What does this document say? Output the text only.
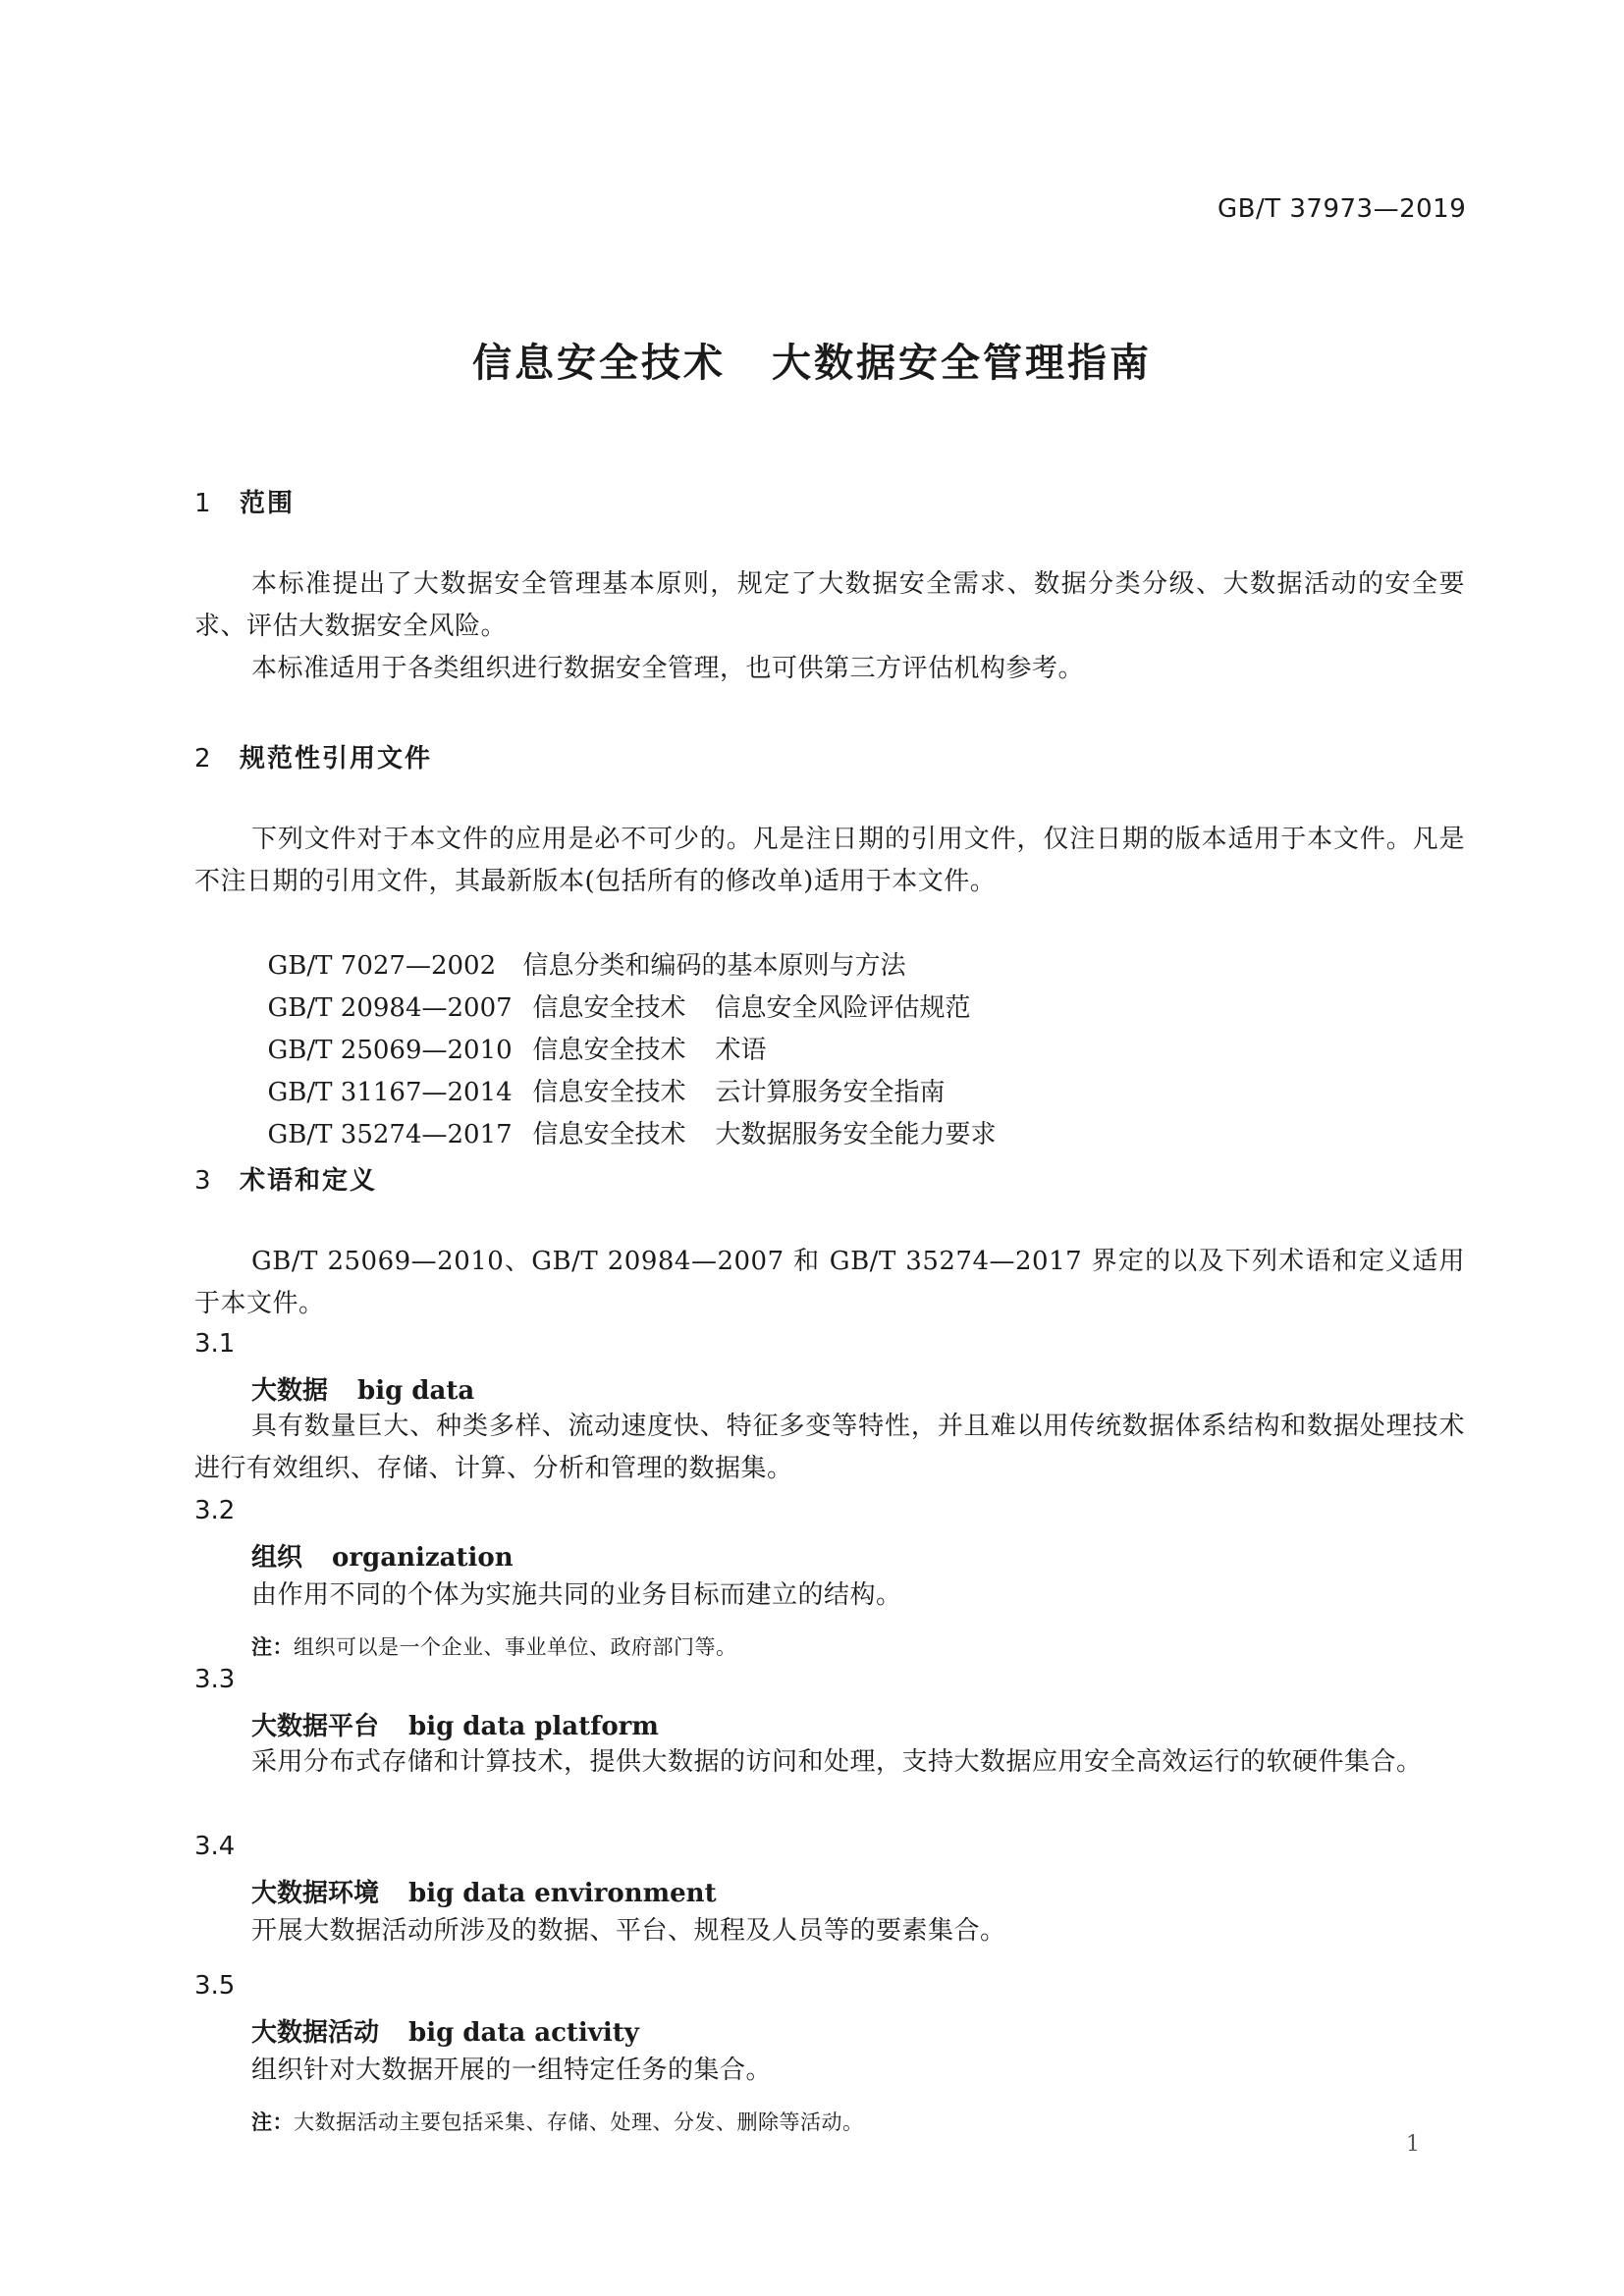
GB/T 37973—2019
信息安全技术 大数据安全管理指南
1 范围
本标准提出了大数据安全管理基本原则，规定了大数据安全需求、数据分类分级、大数据活动的安全要求、评估大数据安全风险。
本标准适用于各类组织进行数据安全管理，也可供第三方评估机构参考。
2 规范性引用文件
下列文件对于本文件的应用是必不可少的。凡是注日期的引用文件，仅注日期的版本适用于本文件。凡是不注日期的引用文件，其最新版本(包括所有的修改单)适用于本文件。

GB/T 7027—2002 信息分类和编码的基本原则与方法

GB/T 20984—2007 信息安全技术 信息安全风险评估规范

GB/T 25069—2010 信息安全技术 术语

GB/T 31167—2014 信息安全技术 云计算服务安全指南

GB/T 35274—2017 信息安全技术 大数据服务安全能力要求

3 术语和定义
GB/T 25069—2010、GB/T 20984—2007 和 GB/T 35274—2017 界定的以及下列术语和定义适用于本文件。
3.1
大数据 big data
具有数量巨大、种类多样、流动速度快、特征多变等特性，并且难以用传统数据体系结构和数据处理技术进行有效组织、存储、计算、分析和管理的数据集。
3.2
组织 organization
由作用不同的个体为实施共同的业务目标而建立的结构。
注：组织可以是一个企业、事业单位、政府部门等。
3.3
大数据平台 big data platform
采用分布式存储和计算技术，提供大数据的访问和处理，支持大数据应用安全高效运行的软硬件集合。
3.4
大数据环境 big data environment
开展大数据活动所涉及的数据、平台、规程及人员等的要素集合。
3.5
大数据活动 big data activity
组织针对大数据开展的一组特定任务的集合。
注：大数据活动主要包括采集、存储、处理、分发、删除等活动。
1
